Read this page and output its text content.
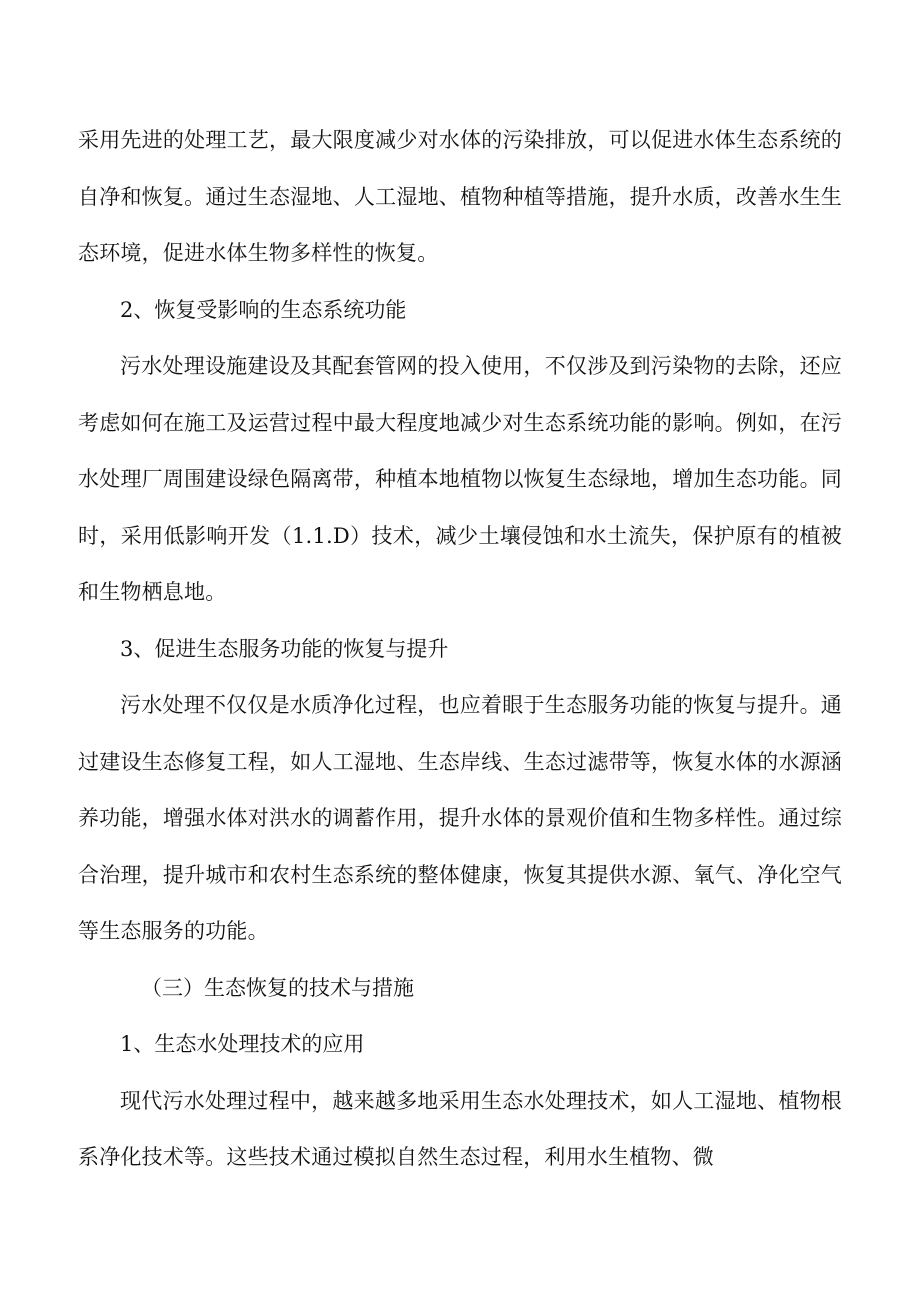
采用先进的处理工艺，最大限度减少对水体的污染排放，可以促进水体生态系统的自净和恢复。通过生态湿地、人工湿地、植物种植等措施，提升水质，改善水生生态环境，促进水体生物多样性的恢复。

2、恢复受影响的生态系统功能

污水处理设施建设及其配套管网的投入使用，不仅涉及到污染物的去除，还应考虑如何在施工及运营过程中最大程度地减少对生态系统功能的影响。例如，在污水处理厂周围建设绿色隔离带，种植本地植物以恢复生态绿地，增加生态功能。同时，采用低影响开发（1.1.D）技术，减少土壤侵蚀和水土流失，保护原有的植被和生物栖息地。

3、促进生态服务功能的恢复与提升

污水处理不仅仅是水质净化过程，也应着眼于生态服务功能的恢复与提升。通过建设生态修复工程，如人工湿地、生态岸线、生态过滤带等，恢复水体的水源涵养功能，增强水体对洪水的调蓄作用，提升水体的景观价值和生物多样性。通过综合治理，提升城市和农村生态系统的整体健康，恢复其提供水源、氧气、净化空气等生态服务的功能。

（三）生态恢复的技术与措施

1、生态水处理技术的应用

现代污水处理过程中，越来越多地采用生态水处理技术，如人工湿地、植物根系净化技术等。这些技术通过模拟自然生态过程，利用水生植物、微
